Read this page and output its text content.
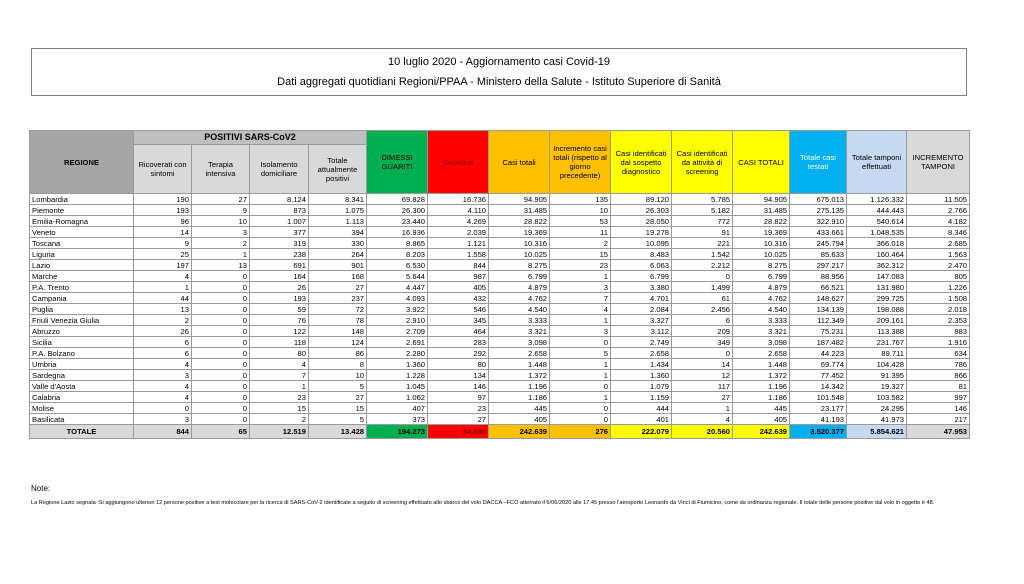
10 luglio 2020 - Aggiornamento casi Covid-19
Dati aggregati quotidiani Regioni/PPAA - Ministero della Salute - Istituto Superiore di Sanità
REGIONE	POSITIVI SARS-CoV2				DIMESSI GUARITI	Deceduti	Casi totali	Incremento casi totali (rispetto al giorno precedente)	Casi identificati dal sospetto diagnostico	Casi identificati da attività di screening	CASI TOTALI	Totale casi testati	Totale tamponi effettuati	INCREMENTO TAMPONI
	Ricoverati con sintomi	Terapia intensiva	Isolamento domiciliare	Totale attualmente positivi										
Lombardia	190	27	8.124	8.341	69.828	16.736	94.905	135	89.120	5.785	94.905	675.013	1.126.332	11.505
Piemonte	193	9	873	1.075	26.300	4.110	31.485	10	26.303	5.182	31.485	275.135	444.443	2.766
Emilia-Romagna	96	10	1.007	1.113	23.440	4.269	28.822	53	28.050	772	28.822	322.910	540.614	4.182
Veneto	14	3	377	394	16.936	2.039	19.369	11	19.278	91	19.369	433.661	1.048.535	8.346
Toscana	9	2	319	330	8.865	1.121	10.316	2	10.095	221	10.316	245.794	366.018	2.685
Liguria	25	1	238	264	8.203	1.558	10.025	15	8.483	1.542	10.025	85.633	160.464	1.563
Lazio	197	13	691	901	6.530	844	8.275	23	6.063	2.212	8.275	297.217	362.312	2.470
Marche	4	0	164	168	5.644	987	6.799	1	6.799	0	6.799	88.956	147.083	805
P.A. Trento	1	0	26	27	4.447	405	4.879	3	3.380	1.499	4.879	66.521	131.980	1.226
Campania	44	0	193	237	4.093	432	4.762	7	4.701	61	4.762	148.627	299.725	1.508
Puglia	13	0	59	72	3.922	546	4.540	4	2.084	2.456	4.540	134.139	198.088	2.018
Friuli Venezia Giulia	2	0	76	78	2.910	345	3.333	1	3.327	6	3.333	112.349	209.161	2.353
Abruzzo	26	0	122	148	2.709	464	3.321	3	3.112	209	3.321	75.231	113.388	883
Sicilia	6	0	118	124	2.691	283	3.098	0	2.749	349	3.098	187.482	231.767	1.916
P.A. Bolzano	6	0	80	86	2.280	292	2.658	5	2.658	0	2.658	44.223	89.711	634
Umbria	4	0	4	8	1.360	80	1.448	1	1.434	14	1.448	69.774	104.428	786
Sardegna	3	0	7	10	1.228	134	1.372	1	1.360	12	1.372	77.452	91.395	866
Valle d'Aosta	4	0	1	5	1.045	146	1.196	0	1.079	117	1.196	14.342	19.327	81
Calabria	4	0	23	27	1.062	97	1.186	1	1.159	27	1.186	101.548	103.582	997
Molise	0	0	15	15	407	23	445	0	444	1	445	23.177	24.295	146
Basilicata	3	0	2	5	373	27	405	0	401	4	405	41.193	41.973	217
TOTALE	844	65	12.519	13.428	194.273	34.938	242.639	276	222.079	20.560	242.639	3.520.377	5.854.621	47.953
Note:
La Regione Lazio segnala :Si aggiungono ulteriori 12 persone positive a test molecolare per la ricerca di SARS-CoV-2 identificate a seguito di screening effettuato allo sbarco del volo DACCA –FCO atterrato il 6/06/2020 alle 17.45 presso l'aeroporto Leonardo da Vinci di Fiumicino, come da ordinanza regionale. Il totale delle persone positive dal volo in oggetto è 48.
